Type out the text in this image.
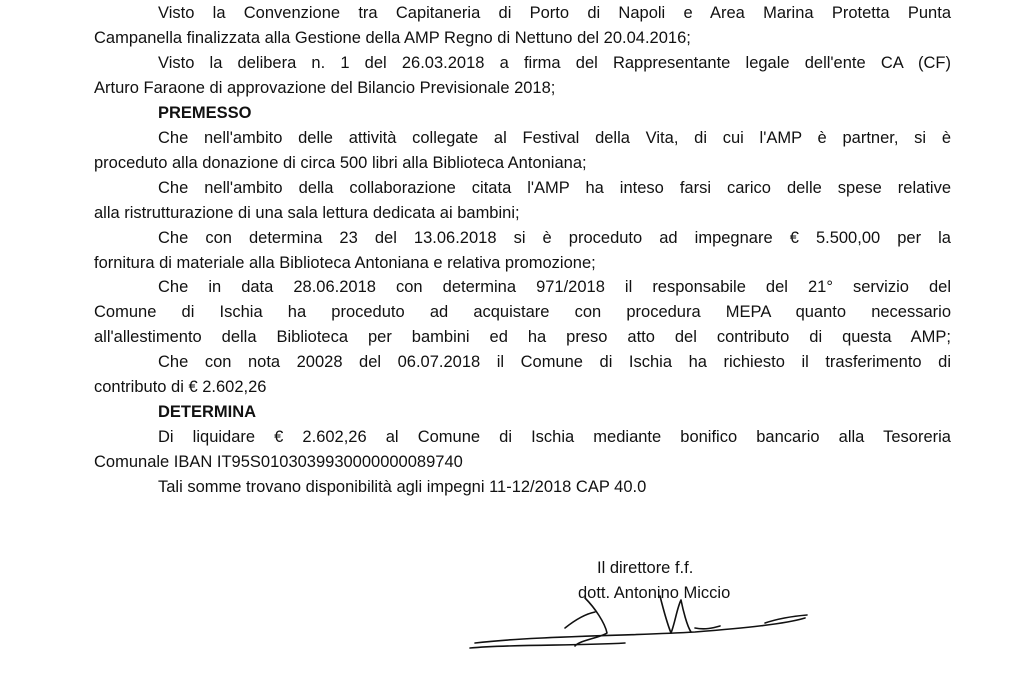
Visto la Convenzione tra Capitaneria di Porto di Napoli e Area Marina Protetta Punta
Campanella finalizzata alla Gestione della AMP Regno di Nettuno del 20.04.2016;
Visto la delibera n. 1 del 26.03.2018 a firma del Rappresentante legale dell'ente CA (CF)
Arturo Faraone di approvazione del Bilancio Previsionale 2018;
PREMESSO
Che nell'ambito delle attività collegate al Festival della Vita, di cui l'AMP è partner, si è
proceduto alla donazione di circa 500 libri alla Biblioteca Antoniana;
Che nell'ambito della collaborazione citata l'AMP ha inteso farsi carico delle spese relative
alla ristrutturazione di una sala lettura dedicata ai bambini;
Che con determina 23 del 13.06.2018 si è proceduto ad impegnare € 5.500,00 per la
fornitura di materiale alla Biblioteca Antoniana e relativa promozione;
Che in data 28.06.2018 con determina 971/2018 il responsabile del 21° servizio del
Comune di Ischia ha proceduto ad acquistare con procedura MEPA quanto necessario
all'allestimento della Biblioteca per bambini ed ha preso atto del contributo di questa AMP;
Che con nota 20028 del 06.07.2018 il Comune di Ischia ha richiesto il trasferimento di
contributo di € 2.602,26
DETERMINA
Di liquidare € 2.602,26 al Comune di Ischia mediante bonifico bancario alla Tesoreria
Comunale IBAN IT95S0103039930000000089740
Tali somme trovano disponibilità agli impegni 11-12/2018 CAP 40.0
Il direttore f.f.
dott. Antonino Miccio
